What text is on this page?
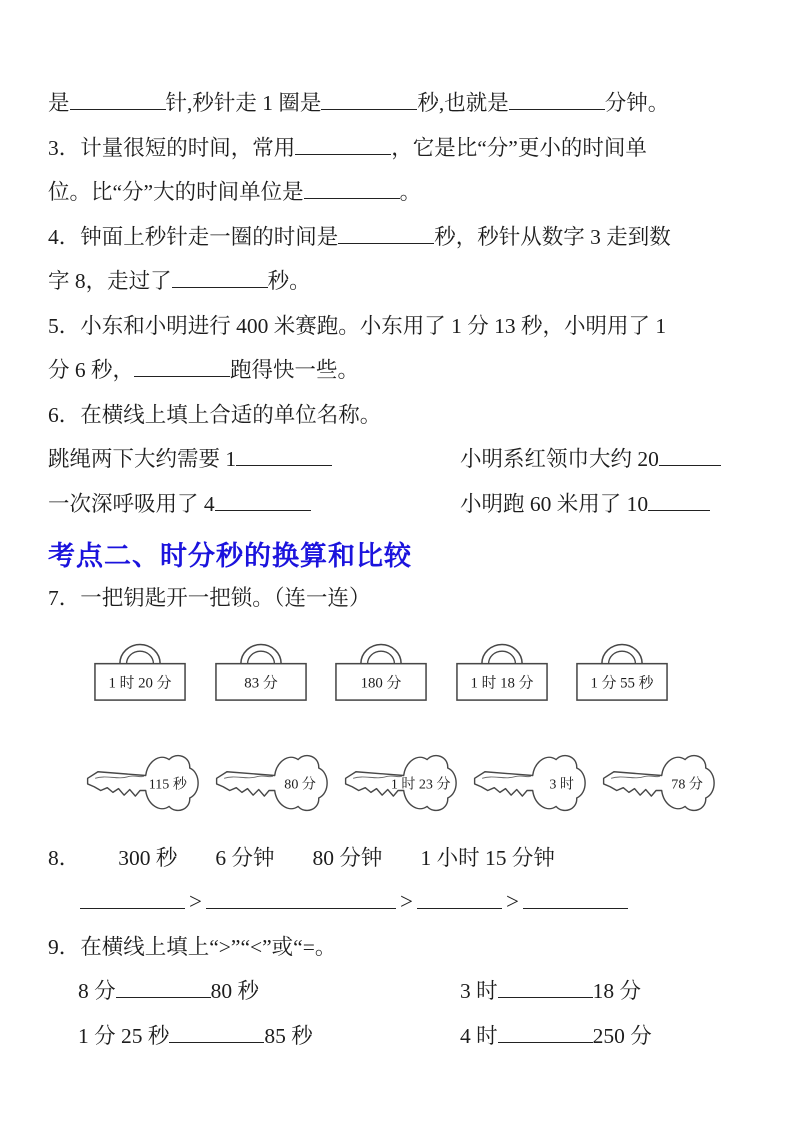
是	针,秒针走 1 圈是	秒,也就是	分钟。

3．计量很短的时间，常用	，它是比“分”更小的时间单

位。比“分”大的时间单位是	。

4．钟面上秒针走一圈的时间是	秒，秒针从数字 3 走到数

字 8，走过了	秒。

5．小东和小明进行 400 米赛跑。小东用了 1 分 13 秒，小明用了 1

分 6 秒，	跑得快一些。

6．在横线上填上合适的单位名称。

跳绳两下大约需要 1	小明系红领巾大约 20
一次深呼吸用了 4	小明跑 60 米用了 10
考点二、时分秒的换算和比较

7．一把钥匙开一把锁。（连一连）

1 时 20 分	83 分	180 分	1 时 18 分	1 分 55 秒
115 秒	80 分	1 时 23 分	3 时	78 分

8． 300 秒 6 分钟 80 分钟 1 小时 15 分钟

>	>	>

9．在横线上填上“>”“<”或“=。

8 分	80 秒	3 时	18 分
1 分 25 秒	85 秒	4 时	250 分
